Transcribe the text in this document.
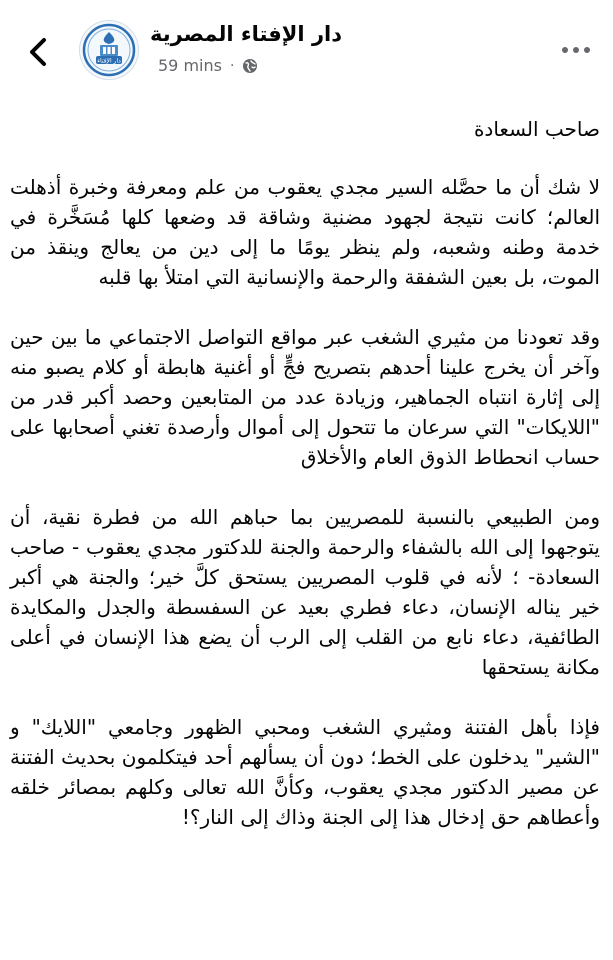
دار الإفتاء
دار الإفتاء المصرية
59 mins ·

صاحب السعادة

لا شك أن ما حصَّله السير مجدي يعقوب من علم ومعرفة وخبرة أذهلت العالم؛ كانت نتيجة لجهود مضنية وشاقة قد وضعها كلها مُسَخَّرة في خدمة وطنه وشعبه، ولم ينظر يومًا ما إلى دين من يعالج وينقذ من الموت، بل بعين الشفقة والرحمة والإنسانية التي امتلأ بها قلبه

وقد تعودنا من مثيري الشغب عبر مواقع التواصل الاجتماعي ما بين حين وآخر أن يخرج علينا أحدهم بتصريح فجٍّ أو أغنية هابطة أو كلام يصبو منه إلى إثارة انتباه الجماهير، وزيادة عدد من المتابعين وحصد أكبر قدر من "اللايكات" التي سرعان ما تتحول إلى أموال وأرصدة تغني أصحابها على حساب انحطاط الذوق العام والأخلاق

ومن الطبيعي بالنسبة للمصريين بما حباهم الله من فطرة نقية، أن يتوجهوا إلى الله بالشفاء والرحمة والجنة للدكتور مجدي يعقوب - صاحب السعادة- ؛ لأنه في قلوب المصريين يستحق كلَّ خير؛ والجنة هي أكبر خير يناله الإنسان، دعاء فطري بعيد عن السفسطة والجدل والمكايدة الطائفية، دعاء نابع من القلب إلى الرب أن يضع هذا الإنسان في أعلى مكانة يستحقها

فإذا بأهل الفتنة ومثيري الشغب ومحبي الظهور وجامعي "اللايك" و "الشير" يدخلون على الخط؛ دون أن يسألهم أحد فيتكلمون بحديث الفتنة عن مصير الدكتور مجدي يعقوب، وكأنَّ الله تعالى وكلهم بمصائر خلقه وأعطاهم حق إدخال هذا إلى الجنة وذاك إلى النار؟!
